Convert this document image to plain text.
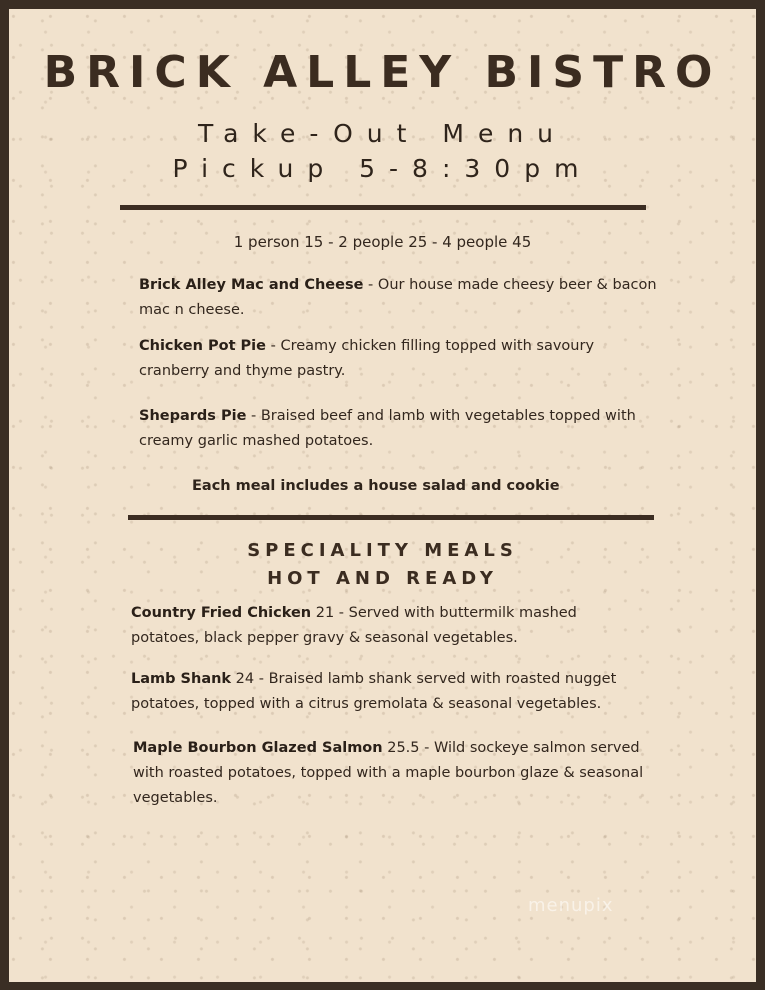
BRICK ALLEY BISTRO
Take-Out Menu
Pickup 5-8:30pm
1 person 15 - 2 people 25 - 4 people 45
Brick Alley Mac and Cheese - Our house made cheesy beer & bacon mac n cheese.
Chicken Pot Pie - Creamy chicken filling topped with savoury cranberry and thyme pastry.
Shepards Pie - Braised beef and lamb with vegetables topped with creamy garlic mashed potatoes.
Each meal includes a house salad and cookie
SPECIALITY MEALS
HOT AND READY
Country Fried Chicken 21 - Served with buttermilk mashed potatoes, black pepper gravy & seasonal vegetables.
Lamb Shank 24 - Braised lamb shank served with roasted nugget potatoes, topped with a citrus gremolata & seasonal vegetables.
Maple Bourbon Glazed Salmon 25.5 - Wild sockeye salmon served with roasted potatoes, topped with a maple bourbon glaze & seasonal vegetables.
menupix
